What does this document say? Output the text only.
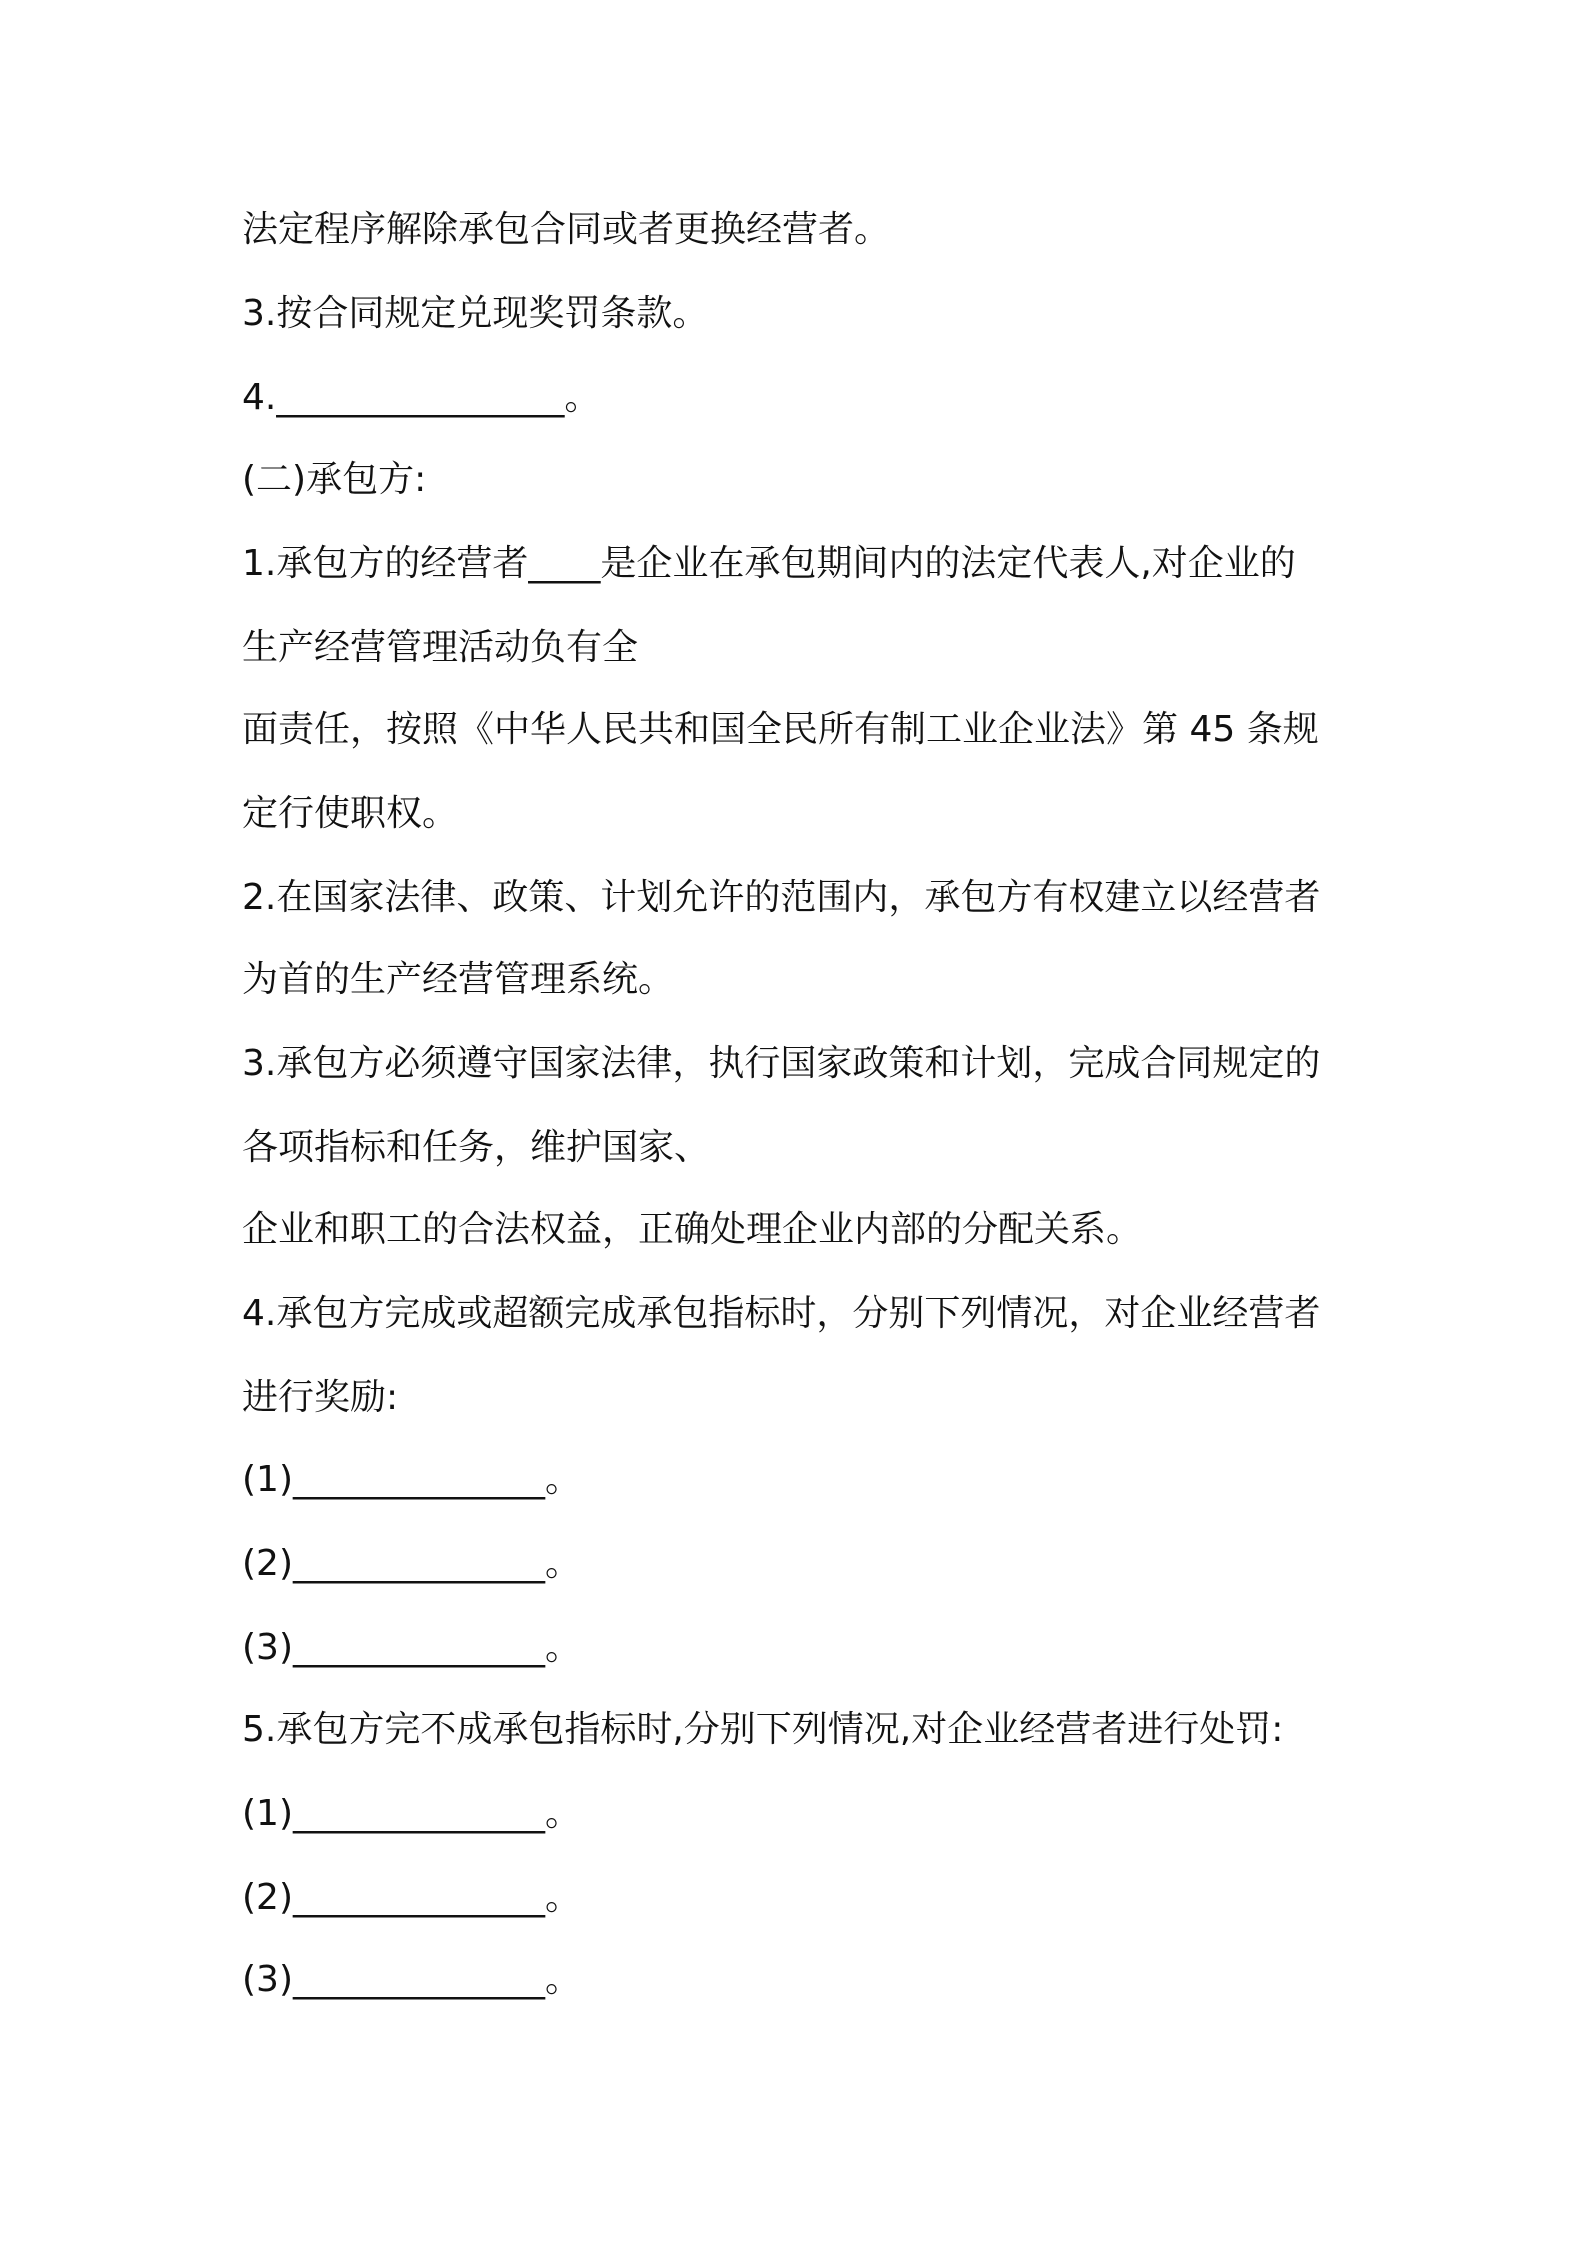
法定程序解除承包合同或者更换经营者。
3.按合同规定兑现奖罚条款。
4.________________。
(二)承包方:
1.承包方的经营者____是企业在承包期间内的法定代表人,对企业的
生产经营管理活动负有全
面责任，按照《中华人民共和国全民所有制工业企业法》第 45 条规
定行使职权。
2.在国家法律、政策、计划允许的范围内，承包方有权建立以经营者
为首的生产经营管理系统。
3.承包方必须遵守国家法律，执行国家政策和计划，完成合同规定的
各项指标和任务，维护国家、
企业和职工的合法权益，正确处理企业内部的分配关系。
4.承包方完成或超额完成承包指标时，分别下列情况，对企业经营者
进行奖励:
(1)______________。
(2)______________。
(3)______________。
5.承包方完不成承包指标时,分别下列情况,对企业经营者进行处罚:
(1)______________。
(2)______________。
(3)______________。
